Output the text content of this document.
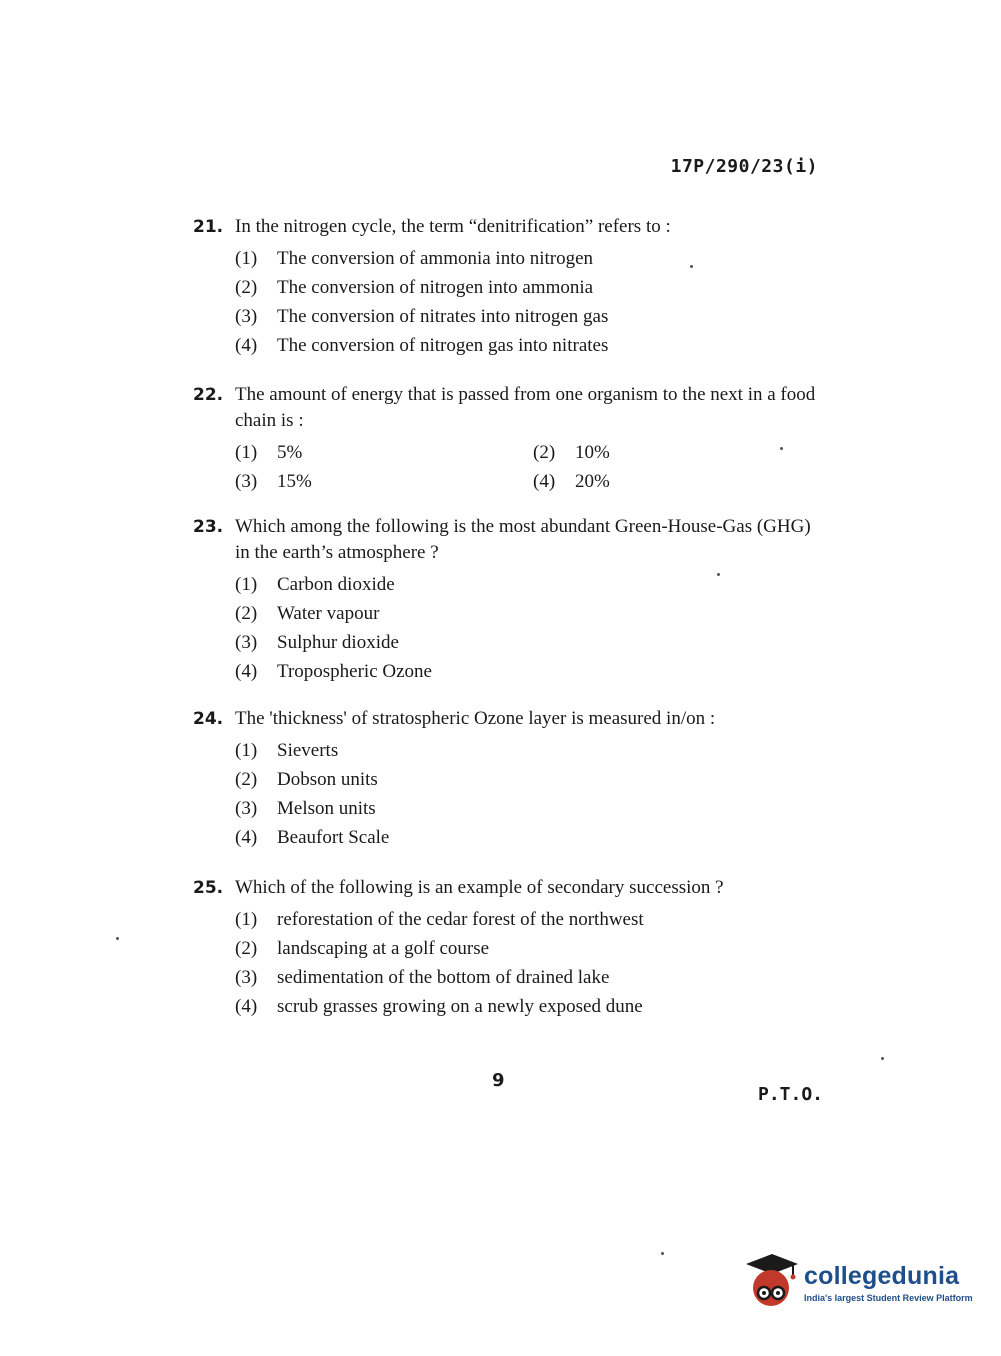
17P/290/23(i)
21. In the nitrogen cycle, the term “denitrification” refers to :
(1)	The conversion of ammonia into nitrogen
(2)	The conversion of nitrogen into ammonia
(3)	The conversion of nitrates into nitrogen gas
(4)	The conversion of nitrogen gas into nitrates
22. The amount of energy that is passed from one organism to the next in a food chain is :
(1)	5%	(2)	10%
(3)	15%	(4)	20%
23. Which among the following is the most abundant Green-House-Gas (GHG) in the earth’s atmosphere ?
(1)	Carbon dioxide
(2)	Water vapour
(3)	Sulphur dioxide
(4)	Tropospheric Ozone
24. The 'thickness' of stratospheric Ozone layer is measured in/on :
(1)	Sieverts
(2)	Dobson units
(3)	Melson units
(4)	Beaufort Scale
25. Which of the following is an example of secondary succession ?
(1)	reforestation of the cedar forest of the northwest
(2)	landscaping at a golf course
(3)	sedimentation of the bottom of drained lake
(4)	scrub grasses growing on a newly exposed dune
9
P.T.O.
collegedunia
India's largest Student Review Platform
